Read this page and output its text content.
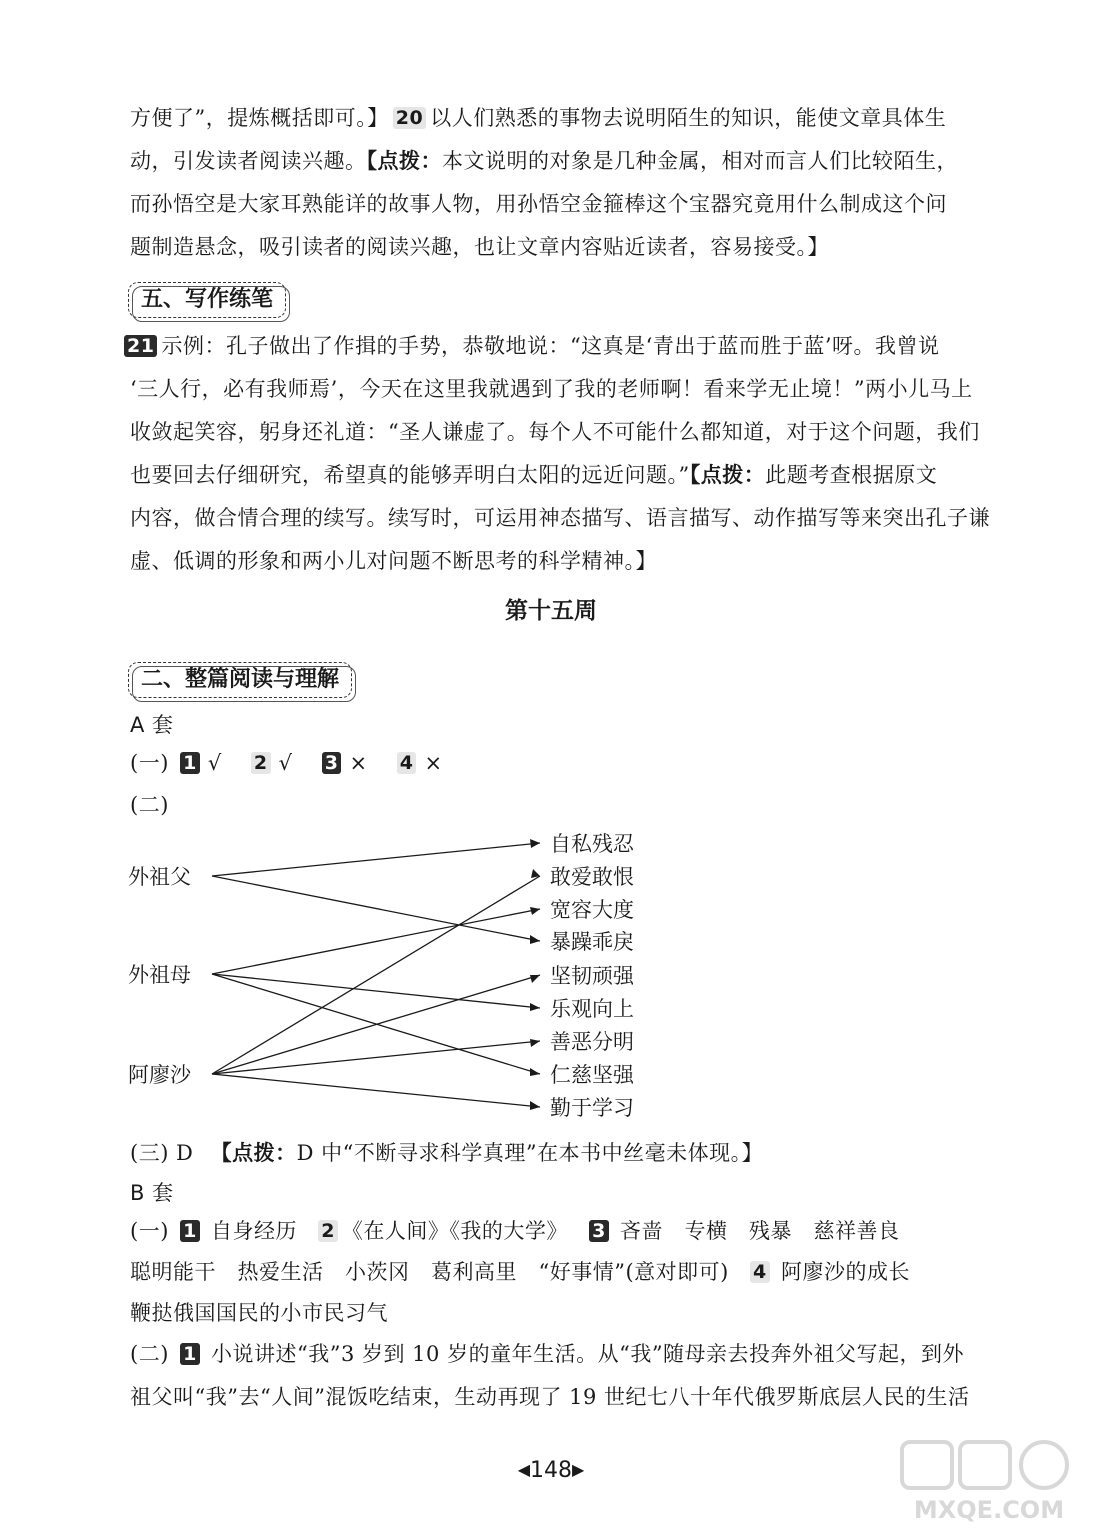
方便了”，提炼概括即可。】 20 以人们熟悉的事物去说明陌生的知识，能使文章具体生
动，引发读者阅读兴趣。【点拨：本文说明的对象是几种金属，相对而言人们比较陌生，
而孙悟空是大家耳熟能详的故事人物，用孙悟空金箍棒这个宝器究竟用什么制成这个问
题制造悬念，吸引读者的阅读兴趣，也让文章内容贴近读者，容易接受。】
五、写作练笔
21 示例：孔子做出了作揖的手势，恭敬地说：“这真是‘青出于蓝而胜于蓝’呀。我曾说
‘三人行，必有我师焉’，今天在这里我就遇到了我的老师啊！看来学无止境！”两小儿马上
收敛起笑容，躬身还礼道：“圣人谦虚了。每个人不可能什么都知道，对于这个问题，我们
也要回去仔细研究，希望真的能够弄明白太阳的远近问题。”【点拨：此题考查根据原文
内容，做合情合理的续写。续写时，可运用神态描写、语言描写、动作描写等来突出孔子谦
虚、低调的形象和两小儿对问题不断思考的科学精神。】
第十五周
二、整篇阅读与理解
A 套
(一) 1 √ 2 √ 3 × 4 ×
(二)
外祖父
外祖母
阿廖沙
自私残忍
敢爱敢恨
宽容大度
暴躁乖戾
坚韧顽强
乐观向上
善恶分明
仁慈坚强
勤于学习
(三) D 【点拨：D 中“不断寻求科学真理”在本书中丝毫未体现。】
B 套
(一) 1 自身经历 2 《在人间》《我的大学》 3 吝啬　专横　残暴　慈祥善良
聪明能干　热爱生活　小茨冈　葛利高里　“好事情”(意对即可) 4 阿廖沙的成长
鞭挞俄国国民的小市民习气
(二) 1 小说讲述“我”3 岁到 10 岁的童年生活。从“我”随母亲去投奔外祖父写起，到外
祖父叫“我”去“人间”混饭吃结束，生动再现了 19 世纪七八十年代俄罗斯底层人民的生活
◀148▶
MXQE.COM
